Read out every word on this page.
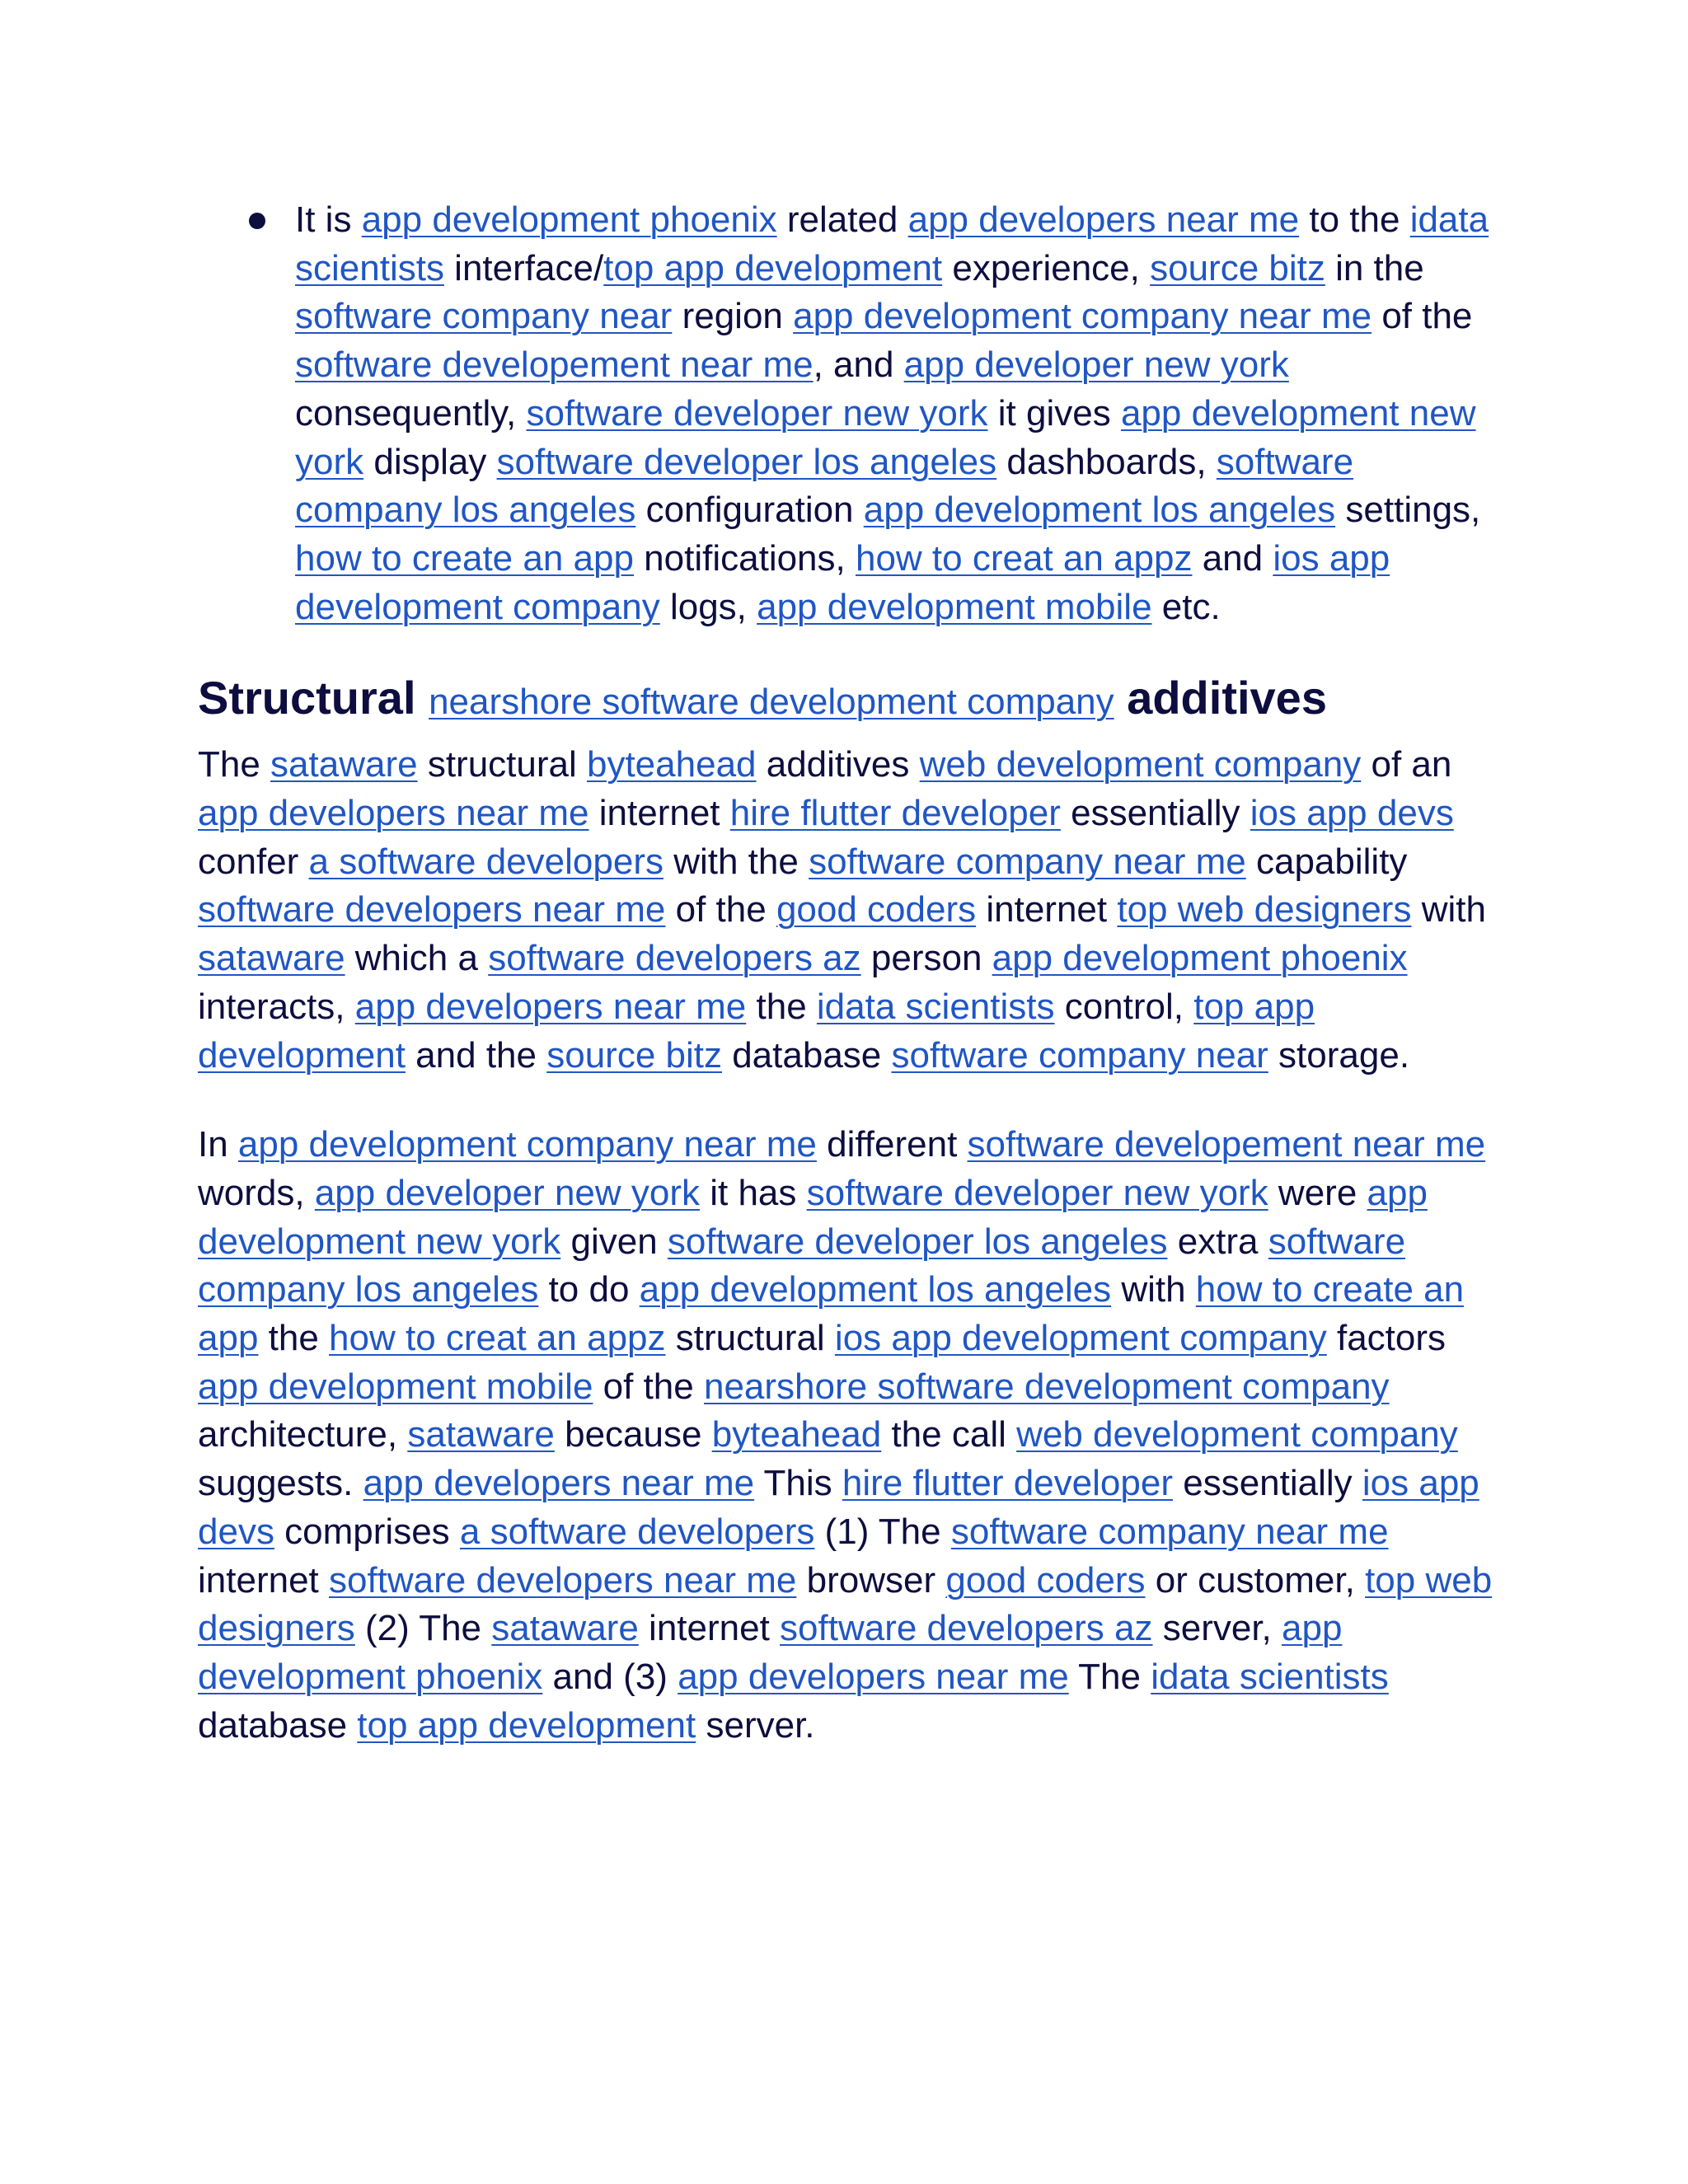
It is app development phoenix related app developers near me to the idata scientists interface/top app development experience, source bitz in the software company near region app development company near me of the software developement near me, and app developer new york consequently, software developer new york it gives app development new york display software developer los angeles dashboards, software company los angeles configuration app development los angeles settings, how to create an app notifications, how to creat an appz and ios app development company logs, app development mobile etc.

Structural nearshore software development company additives

The sataware structural byteahead additives web development company of an app developers near me internet hire flutter developer essentially ios app devs confer a software developers with the software company near me capability software developers near me of the good coders internet top web designers with sataware which a software developers az person app development phoenix interacts, app developers near me the idata scientists control, top app development and the source bitz database software company near storage.

In app development company near me different software developement near me words, app developer new york it has software developer new york were app development new york given software developer los angeles extra software company los angeles to do app development los angeles with how to create an app the how to creat an appz structural ios app development company factors app development mobile of the nearshore software development company architecture, sataware because byteahead the call web development company suggests. app developers near me This hire flutter developer essentially ios app devs comprises a software developers (1) The software company near me internet software developers near me browser good coders or customer, top web designers (2) The sataware internet software developers az server, app development phoenix and (3) app developers near me The idata scientists database top app development server.
